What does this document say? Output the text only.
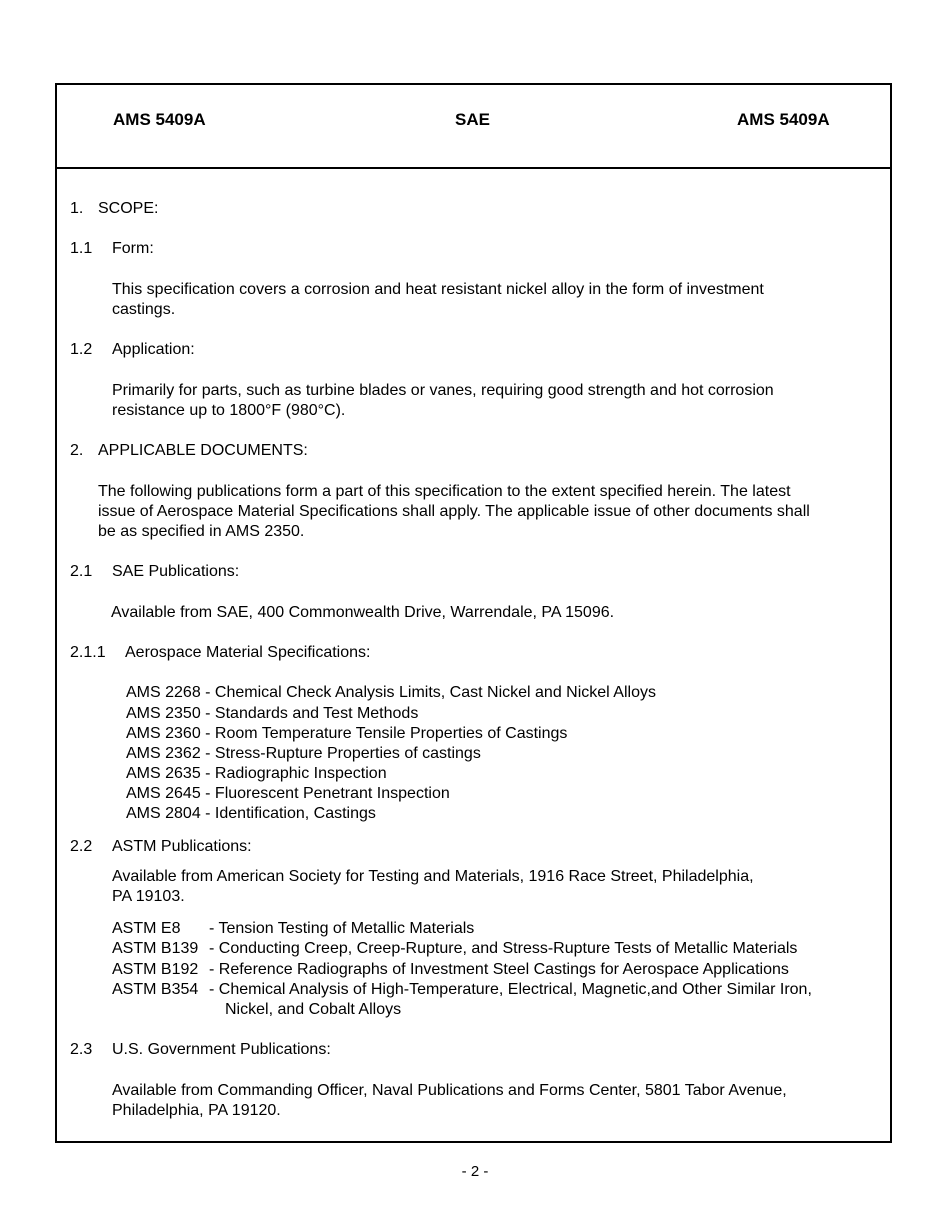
AMS 5409A	SAE	AMS 5409A
1. SCOPE:
1.1 Form:
This specification covers a corrosion and heat resistant nickel alloy in the form of investment
castings.
1.2 Application:
Primarily for parts, such as turbine blades or vanes, requiring good strength and hot corrosion
resistance up to 1800°F (980°C).
2. APPLICABLE DOCUMENTS:
The following publications form a part of this specification to the extent specified herein. The latest
issue of Aerospace Material Specifications shall apply. The applicable issue of other documents shall
be as specified in AMS 2350.
2.1 SAE Publications:
Available from SAE, 400 Commonwealth Drive, Warrendale, PA 15096.
2.1.1 Aerospace Material Specifications:
AMS 2268 - Chemical Check Analysis Limits, Cast Nickel and Nickel Alloys
AMS 2350 - Standards and Test Methods
AMS 2360 - Room Temperature Tensile Properties of Castings
AMS 2362 - Stress-Rupture Properties of castings
AMS 2635 - Radiographic Inspection
AMS 2645 - Fluorescent Penetrant Inspection
AMS 2804 - Identification, Castings
2.2 ASTM Publications:
Available from American Society for Testing and Materials, 1916 Race Street, Philadelphia,
PA 19103.
ASTM E8 - Tension Testing of Metallic Materials
ASTM B139 - Conducting Creep, Creep-Rupture, and Stress-Rupture Tests of Metallic Materials
ASTM B192 - Reference Radiographs of Investment Steel Castings for Aerospace Applications
ASTM B354 - Chemical Analysis of High-Temperature, Electrical, Magnetic,and Other Similar Iron,
Nickel, and Cobalt Alloys
2.3 U.S. Government Publications:
Available from Commanding Officer, Naval Publications and Forms Center, 5801 Tabor Avenue,
Philadelphia, PA 19120.
- 2 -
